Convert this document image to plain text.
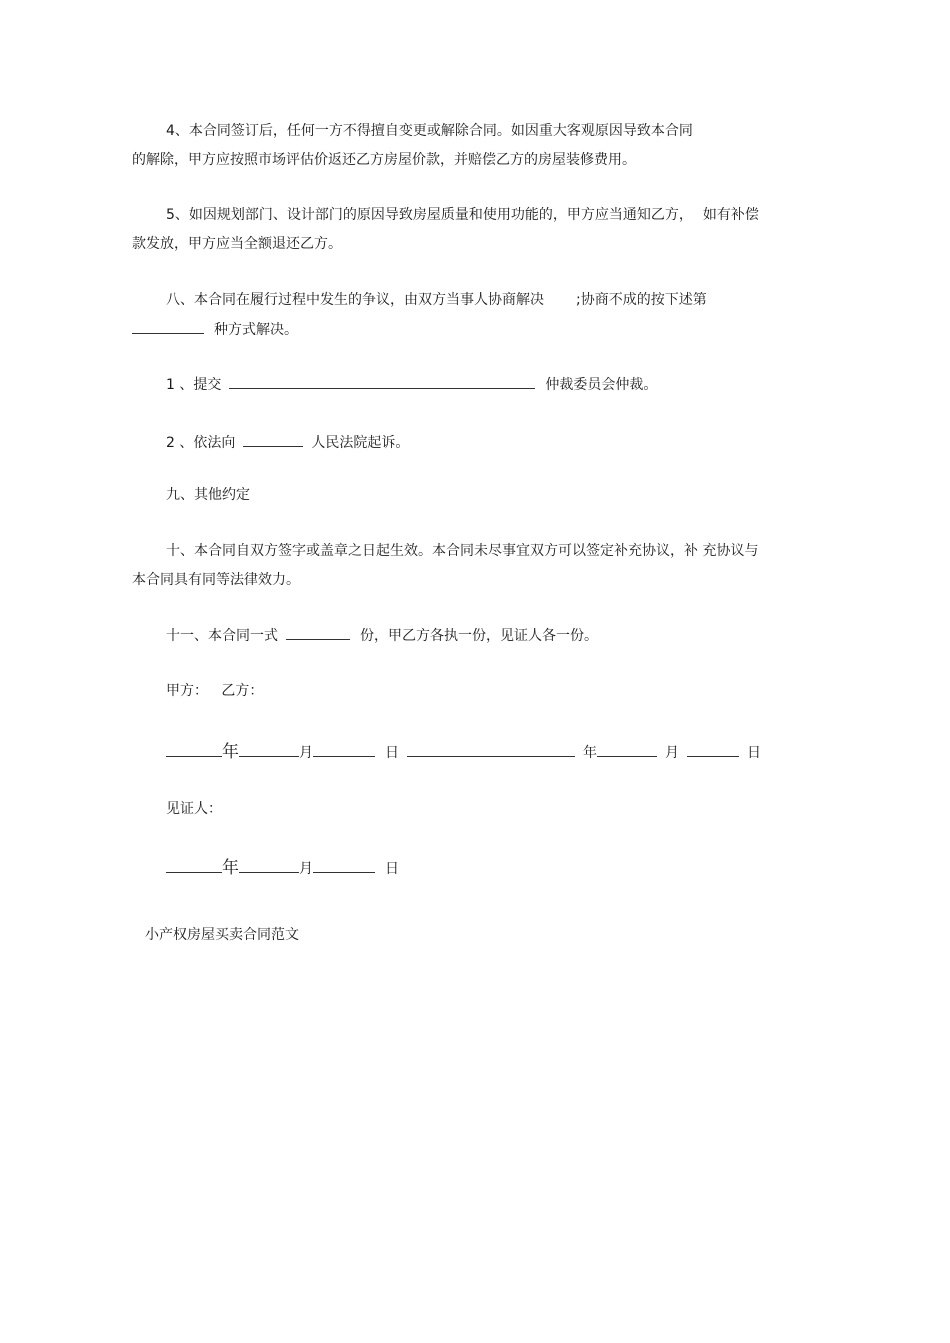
4、本合同签订后，任何一方不得擅自变更或解除合同。如因重大客观原因导致本合同
的解除，甲方应按照市场评估价返还乙方房屋价款，并赔偿乙方的房屋装修费用。
5、如因规划部门、设计部门的原因导致房屋质量和使用功能的，甲方应当通知乙方， 如有补偿
款发放，甲方应当全额退还乙方。
八、本合同在履行过程中发生的争议，由双方当事人协商解决 ;协商不成的按下述第
种方式解决。
1 、提交	仲裁委员会仲裁。
2 、依法向	人民法院起诉。
九、其他约定
十、本合同自双方签字或盖章之日起生效。本合同未尽事宜双方可以签定补充协议，补 充协议与
本合同具有同等法律效力。
十一、本合同一式	份，甲乙方各执一份，见证人各一份。
甲方：   乙方：
年	月	日	年	月	日
见证人：
年	月	日
小产权房屋买卖合同范文
